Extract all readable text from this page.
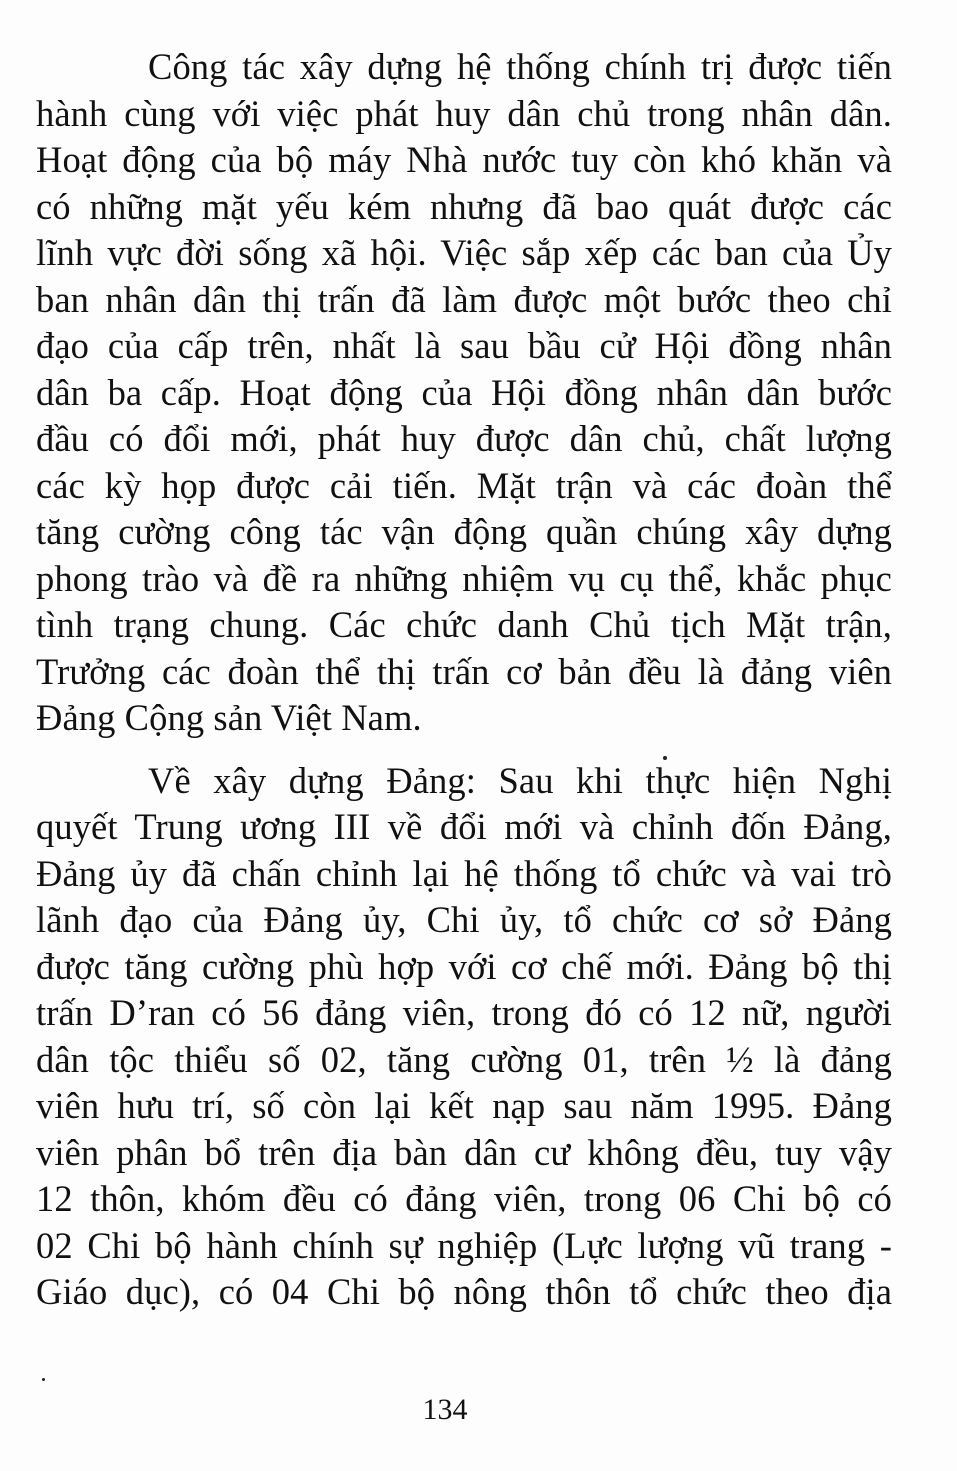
Công tác xây dựng hệ thống chính trị được tiến
hành cùng với việc phát huy dân chủ trong nhân dân.
Hoạt động của bộ máy Nhà nước tuy còn khó khăn và
có những mặt yếu kém nhưng đã bao quát được các
lĩnh vực đời sống xã hội. Việc sắp xếp các ban của Ủy
ban nhân dân thị trấn đã làm được một bước theo chỉ
đạo của cấp trên, nhất là sau bầu cử Hội đồng nhân
dân ba cấp. Hoạt động của Hội đồng nhân dân bước
đầu có đổi mới, phát huy được dân chủ, chất lượng
các kỳ họp được cải tiến. Mặt trận và các đoàn thể
tăng cường công tác vận động quần chúng xây dựng
phong trào và đề ra những nhiệm vụ cụ thể, khắc phục
tình trạng chung. Các chức danh Chủ tịch Mặt trận,
Trưởng các đoàn thể thị trấn cơ bản đều là đảng viên
Đảng Cộng sản Việt Nam.
Về xây dựng Đảng: Sau khi thực hiện Nghị
quyết Trung ương III về đổi mới và chỉnh đốn Đảng,
Đảng ủy đã chấn chỉnh lại hệ thống tổ chức và vai trò
lãnh đạo của Đảng ủy, Chi ủy, tổ chức cơ sở Đảng
được tăng cường phù hợp với cơ chế mới. Đảng bộ thị
trấn D’ran có 56 đảng viên, trong đó có 12 nữ, người
dân tộc thiểu số 02, tăng cường 01, trên ½ là đảng
viên hưu trí, số còn lại kết nạp sau năm 1995. Đảng
viên phân bổ trên địa bàn dân cư không đều, tuy vậy
12 thôn, khóm đều có đảng viên, trong 06 Chi bộ có
02 Chi bộ hành chính sự nghiệp (Lực lượng vũ trang -
Giáo dục), có 04 Chi bộ nông thôn tổ chức theo địa
134
